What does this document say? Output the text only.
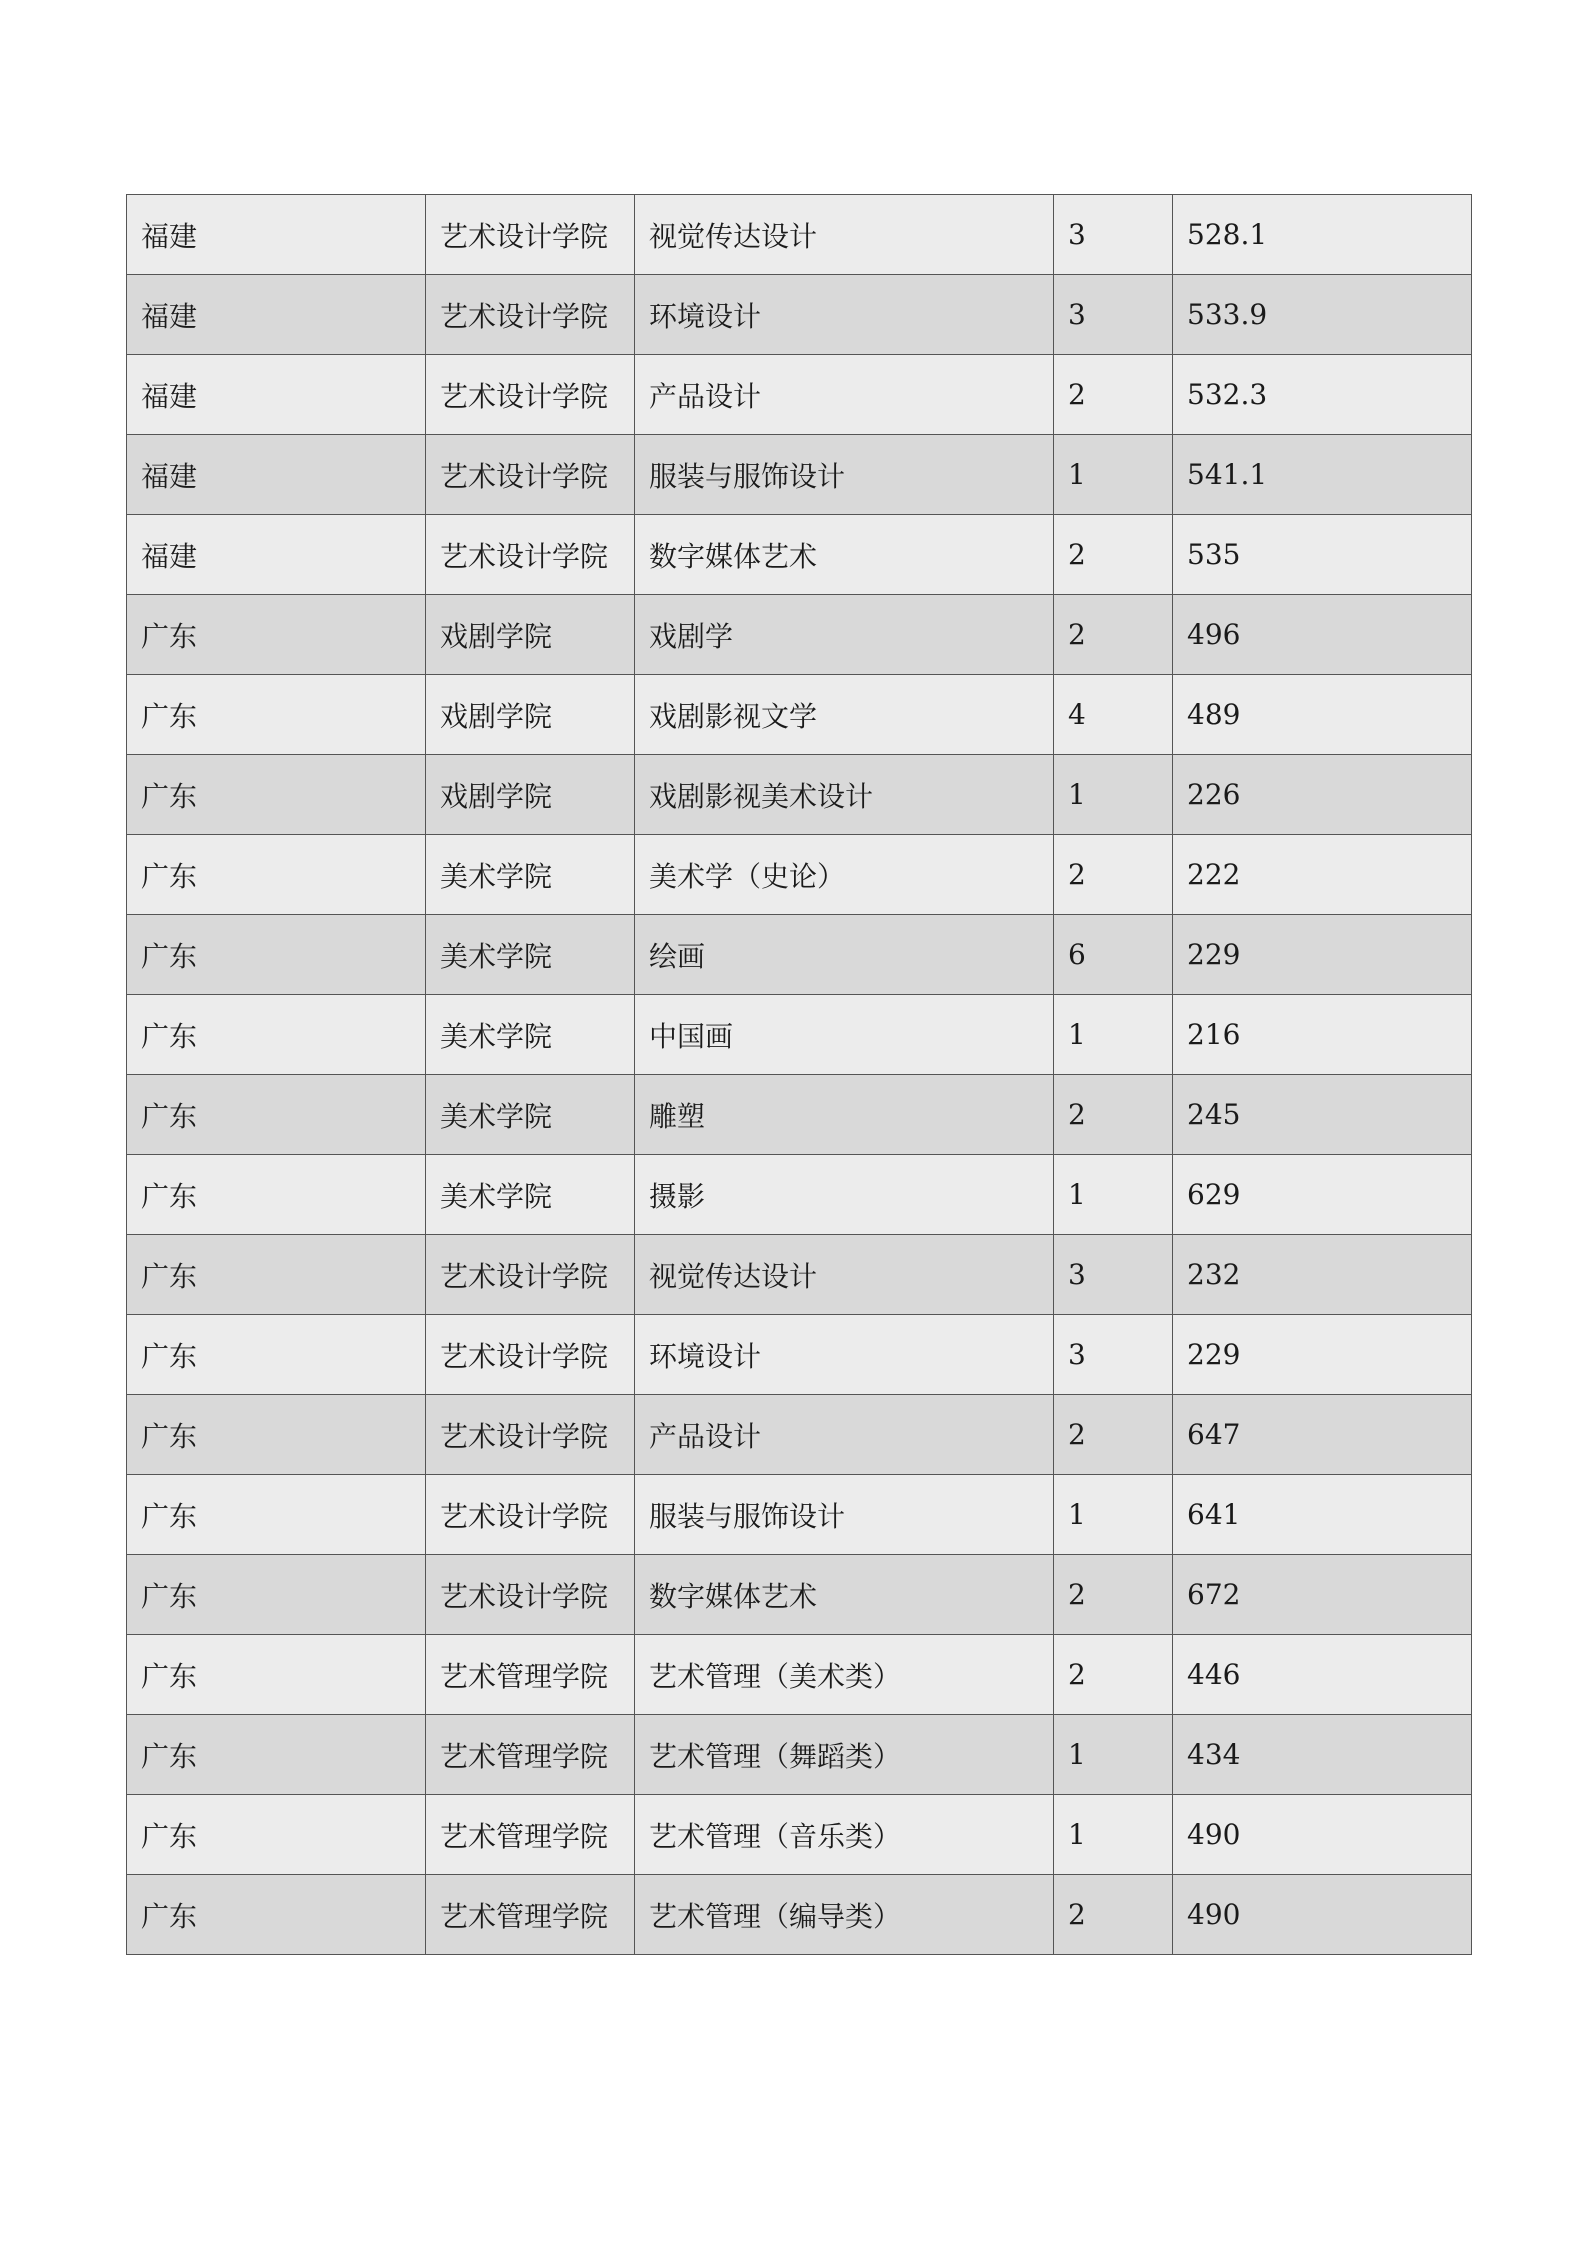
福建	艺术设计学院	视觉传达设计	3	528.1
福建	艺术设计学院	环境设计	3	533.9
福建	艺术设计学院	产品设计	2	532.3
福建	艺术设计学院	服装与服饰设计	1	541.1
福建	艺术设计学院	数字媒体艺术	2	535
广东	戏剧学院	戏剧学	2	496
广东	戏剧学院	戏剧影视文学	4	489
广东	戏剧学院	戏剧影视美术设计	1	226
广东	美术学院	美术学（史论）	2	222
广东	美术学院	绘画	6	229
广东	美术学院	中国画	1	216
广东	美术学院	雕塑	2	245
广东	美术学院	摄影	1	629
广东	艺术设计学院	视觉传达设计	3	232
广东	艺术设计学院	环境设计	3	229
广东	艺术设计学院	产品设计	2	647
广东	艺术设计学院	服装与服饰设计	1	641
广东	艺术设计学院	数字媒体艺术	2	672
广东	艺术管理学院	艺术管理（美术类）	2	446
广东	艺术管理学院	艺术管理（舞蹈类）	1	434
广东	艺术管理学院	艺术管理（音乐类）	1	490
广东	艺术管理学院	艺术管理（编导类）	2	490
